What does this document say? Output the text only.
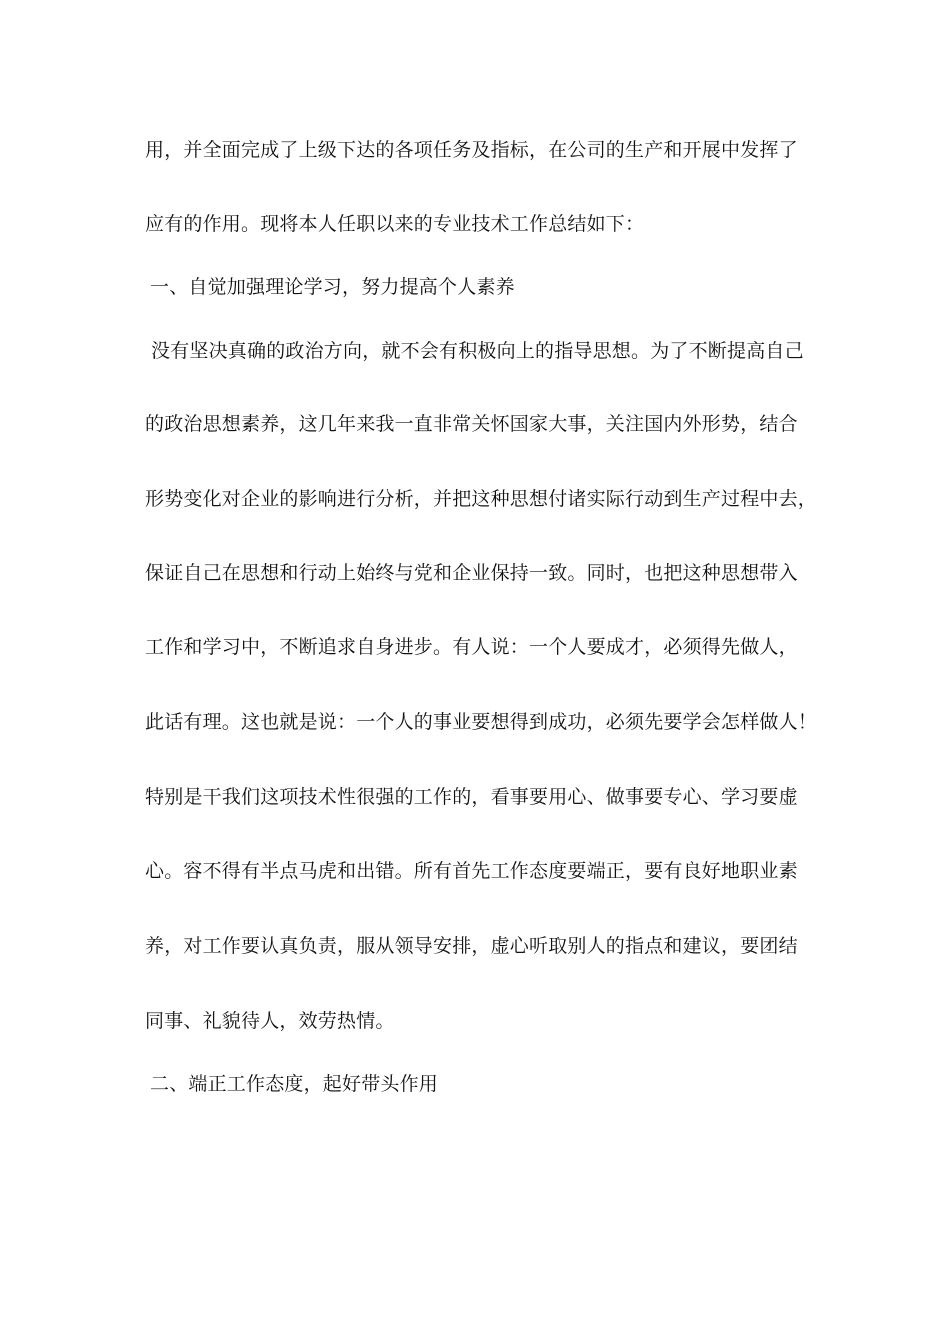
用，并全面完成了上级下达的各项任务及指标，在公司的生产和开展中发挥了
应有的作用。现将本人任职以来的专业技术工作总结如下：
一、自觉加强理论学习，努力提高个人素养
没有坚决真确的政治方向，就不会有积极向上的指导思想。为了不断提高自己
的政治思想素养，这几年来我一直非常关怀国家大事，关注国内外形势，结合
形势变化对企业的影响进行分析，并把这种思想付诸实际行动到生产过程中去，
保证自己在思想和行动上始终与党和企业保持一致。同时，也把这种思想带入
工作和学习中，不断追求自身进步。有人说：一个人要成才，必须得先做人，
此话有理。这也就是说：一个人的事业要想得到成功，必须先要学会怎样做人！
特别是干我们这项技术性很强的工作的，看事要用心、做事要专心、学习要虚
心。容不得有半点马虎和出错。所有首先工作态度要端正，要有良好地职业素
养，对工作要认真负责，服从领导安排，虚心听取别人的指点和建议，要团结
同事、礼貌待人，效劳热情。
二、端正工作态度，起好带头作用
